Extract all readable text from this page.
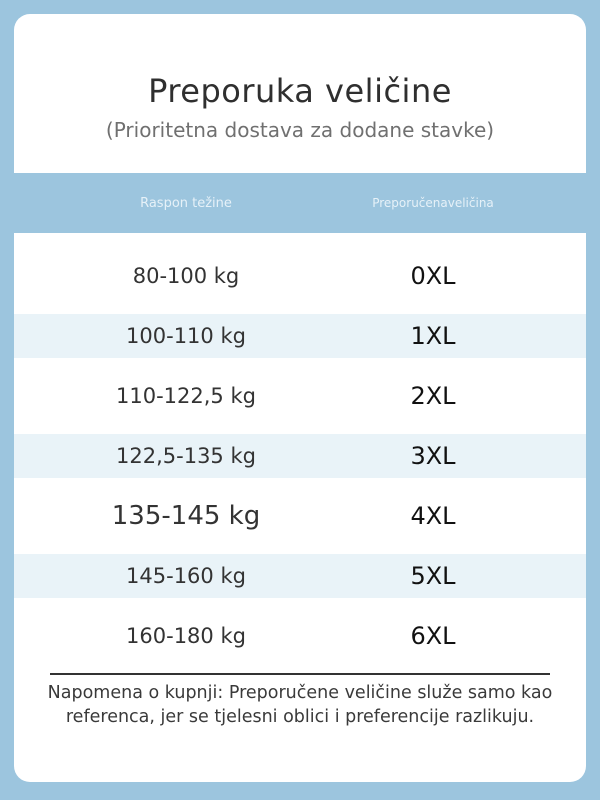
Preporuka veličine
(Prioritetna dostava za dodane stavke)
Raspon težine	Preporučena veličina
80-100 kg	0XL
100-110 kg	1XL
110-122,5 kg	2XL
122,5-135 kg	3XL
135-145 kg	4XL
145-160 kg	5XL
160-180 kg	6XL
Napomena o kupnji: Preporučene veličine služe samo kao referenca, jer se tjelesni oblici i preferencije razlikuju.
